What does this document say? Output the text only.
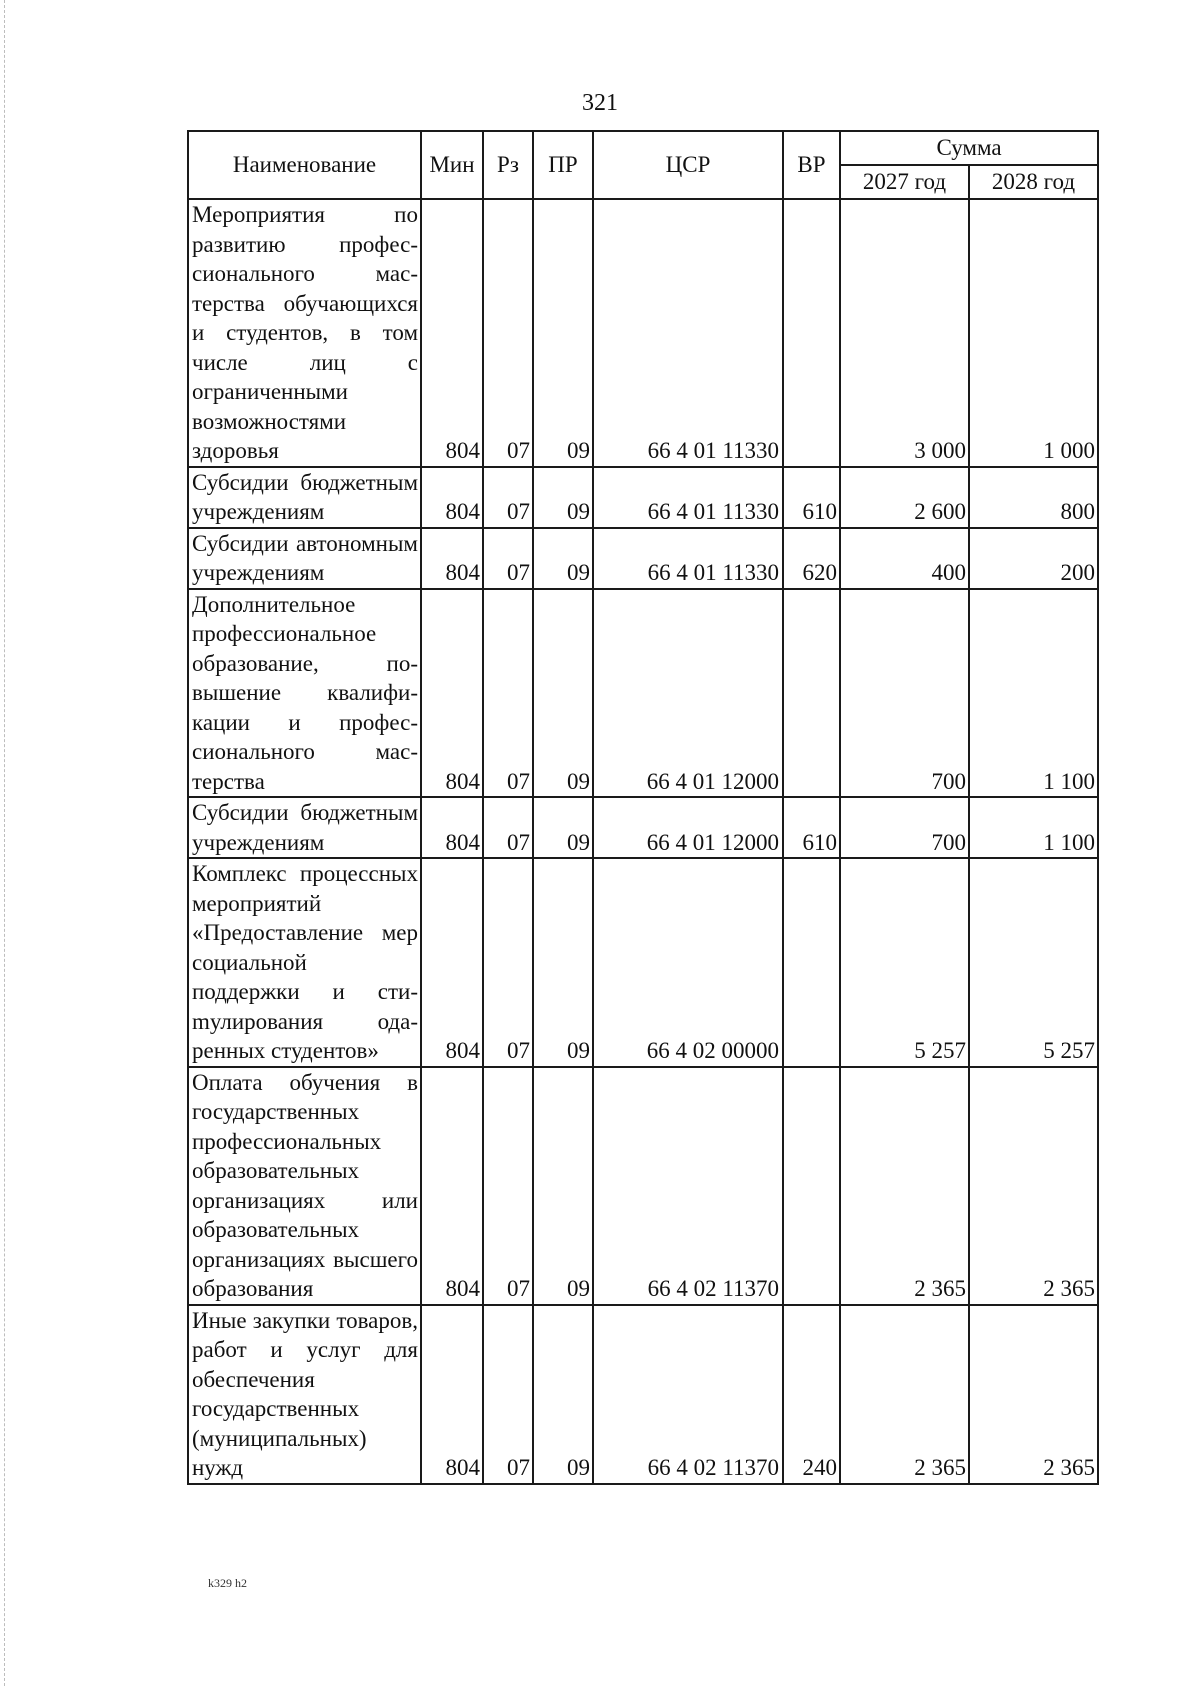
321
Наименование	Мин	Рз	ПР	ЦСР	ВР	Сумма	
						2027 год	2028 год
Мероприятия по развитию профессионального мастерства обучающихся и студентов, в том числе лиц с ограниченными возможностями здоровья	804	07	09	66 4 01 11330		3 000	1 000
Субсидии бюджетным учреждениям	804	07	09	66 4 01 11330	610	2 600	800
Субсидии автономным учреждениям	804	07	09	66 4 01 11330	620	400	200
Дополнительное профессиональное образование, повышение квалификации и профессионального мастерства	804	07	09	66 4 01 12000		700	1 100
Субсидии бюджетным учреждениям	804	07	09	66 4 01 12000	610	700	1 100
Комплекс процессных мероприятий «Предоставление мер социальной поддержки и стиmулирования одаренных студентов»	804	07	09	66 4 02 00000		5 257	5 257
Оплата обучения в государственных профессиональных образовательных организациях или образовательных организациях высшего образования	804	07	09	66 4 02 11370		2 365	2 365
Иные закупки товаров, работ и услуг для обеспечения государственных (муниципальных) нужд	804	07	09	66 4 02 11370	240	2 365	2 365
k329 h2
